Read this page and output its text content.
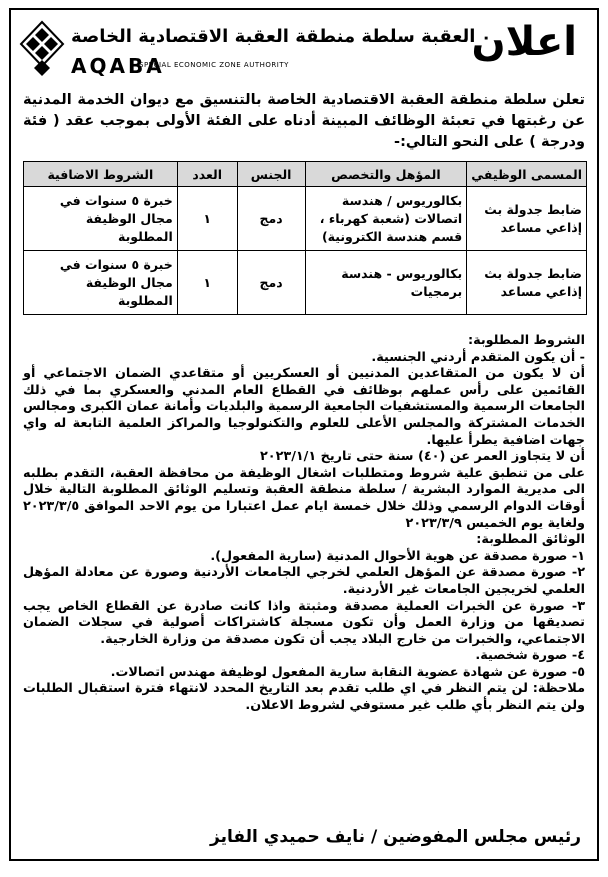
اعلان
العقبة سلطة منطقة العقبة الاقتصادية الخاصة
AQABA
SPECIAL ECONOMIC ZONE AUTHORITY
تعلن سلطة منطقة العقبة الاقتصادية الخاصة بالتنسيق مع ديوان الخدمة المدنية عن رغبتها في تعبئة الوظائف المبينة أدناه على الفئة الأولى بموجب عقد ( فئة ودرجة ) على النحو التالي:-
المسمى الوظيفي	المؤهل والتخصص	الجنس	العدد	الشروط الاضافية
ضابط جدولة بث إذاعي مساعد	بكالوريوس / هندسة اتصالات (شعبة كهرباء ، قسم هندسة الكترونية)	دمج	١	خبرة ٥ سنوات في مجال الوظيفة المطلوبة
ضابط جدولة بث إذاعي مساعد	بكالوريوس - هندسة برمجيات	دمج	١	خبرة ٥ سنوات في مجال الوظيفة المطلوبة

الشروط المطلوبة:

- أن يكون المتقدم أردني الجنسية.

أن لا يكون من المتقاعدين المدنيين أو العسكريين أو متقاعدي الضمان الاجتماعي أو القائمين على رأس عملهم بوظائف في القطاع العام المدني والعسكري بما في ذلك الجامعات الرسمية والمستشفيات الجامعية الرسمية والبلديات وأمانة عمان الكبرى ومجالس الخدمات المشتركة والمجلس الأعلى للعلوم والتكنولوجيا والمراكز العلمية التابعة له واي جهات اضافية يطرأ عليها.

أن لا يتجاوز العمر عن (٤٠) سنة حتى تاريخ ٢٠٢٣/١/١

على من تنطبق علية شروط ومتطلبات اشغال الوظيفة من محافظة العقبة، التقدم بطلبه الى مديرية الموارد البشرية / سلطة منطقة العقبة وتسليم الوثائق المطلوبة التالية خلال أوقات الدوام الرسمي وذلك خلال خمسة ايام عمل اعتبارا من يوم الاحد الموافق ٢٠٢٣/٣/٥ ولغاية يوم الخميس ٢٠٢٣/٣/٩

الوثائق المطلوبة:

١- صورة مصدقة عن هوية الأحوال المدنية (سارية المفعول).

٢- صورة مصدقة عن المؤهل العلمي لخرجي الجامعات الأردنية وصورة عن معادلة المؤهل العلمي لخريجين الجامعات غير الأردنية.

٣- صورة عن الخبرات العملية مصدقة ومثبتة واذا كانت صادرة عن القطاع الخاص يجب تصديقها من وزارة العمل وأن تكون مسجلة كاشتراكات أصولية في سجلات الضمان الاجتماعي، والخبرات من خارج البلاد يجب أن تكون مصدقة من وزارة الخارجية.

٤- صورة شخصية.

٥- صورة عن شهادة عضوية النقابة سارية المفعول لوظيفة مهندس اتصالات.

ملاحظة: لن يتم النظر في اي طلب تقدم بعد التاريخ المحدد لانتهاء فترة استقبال الطلبات ولن يتم النظر بأي طلب غير مستوفي لشروط الاعلان.

رئيس مجلس المفوضين / نايف حميدي الفايز
